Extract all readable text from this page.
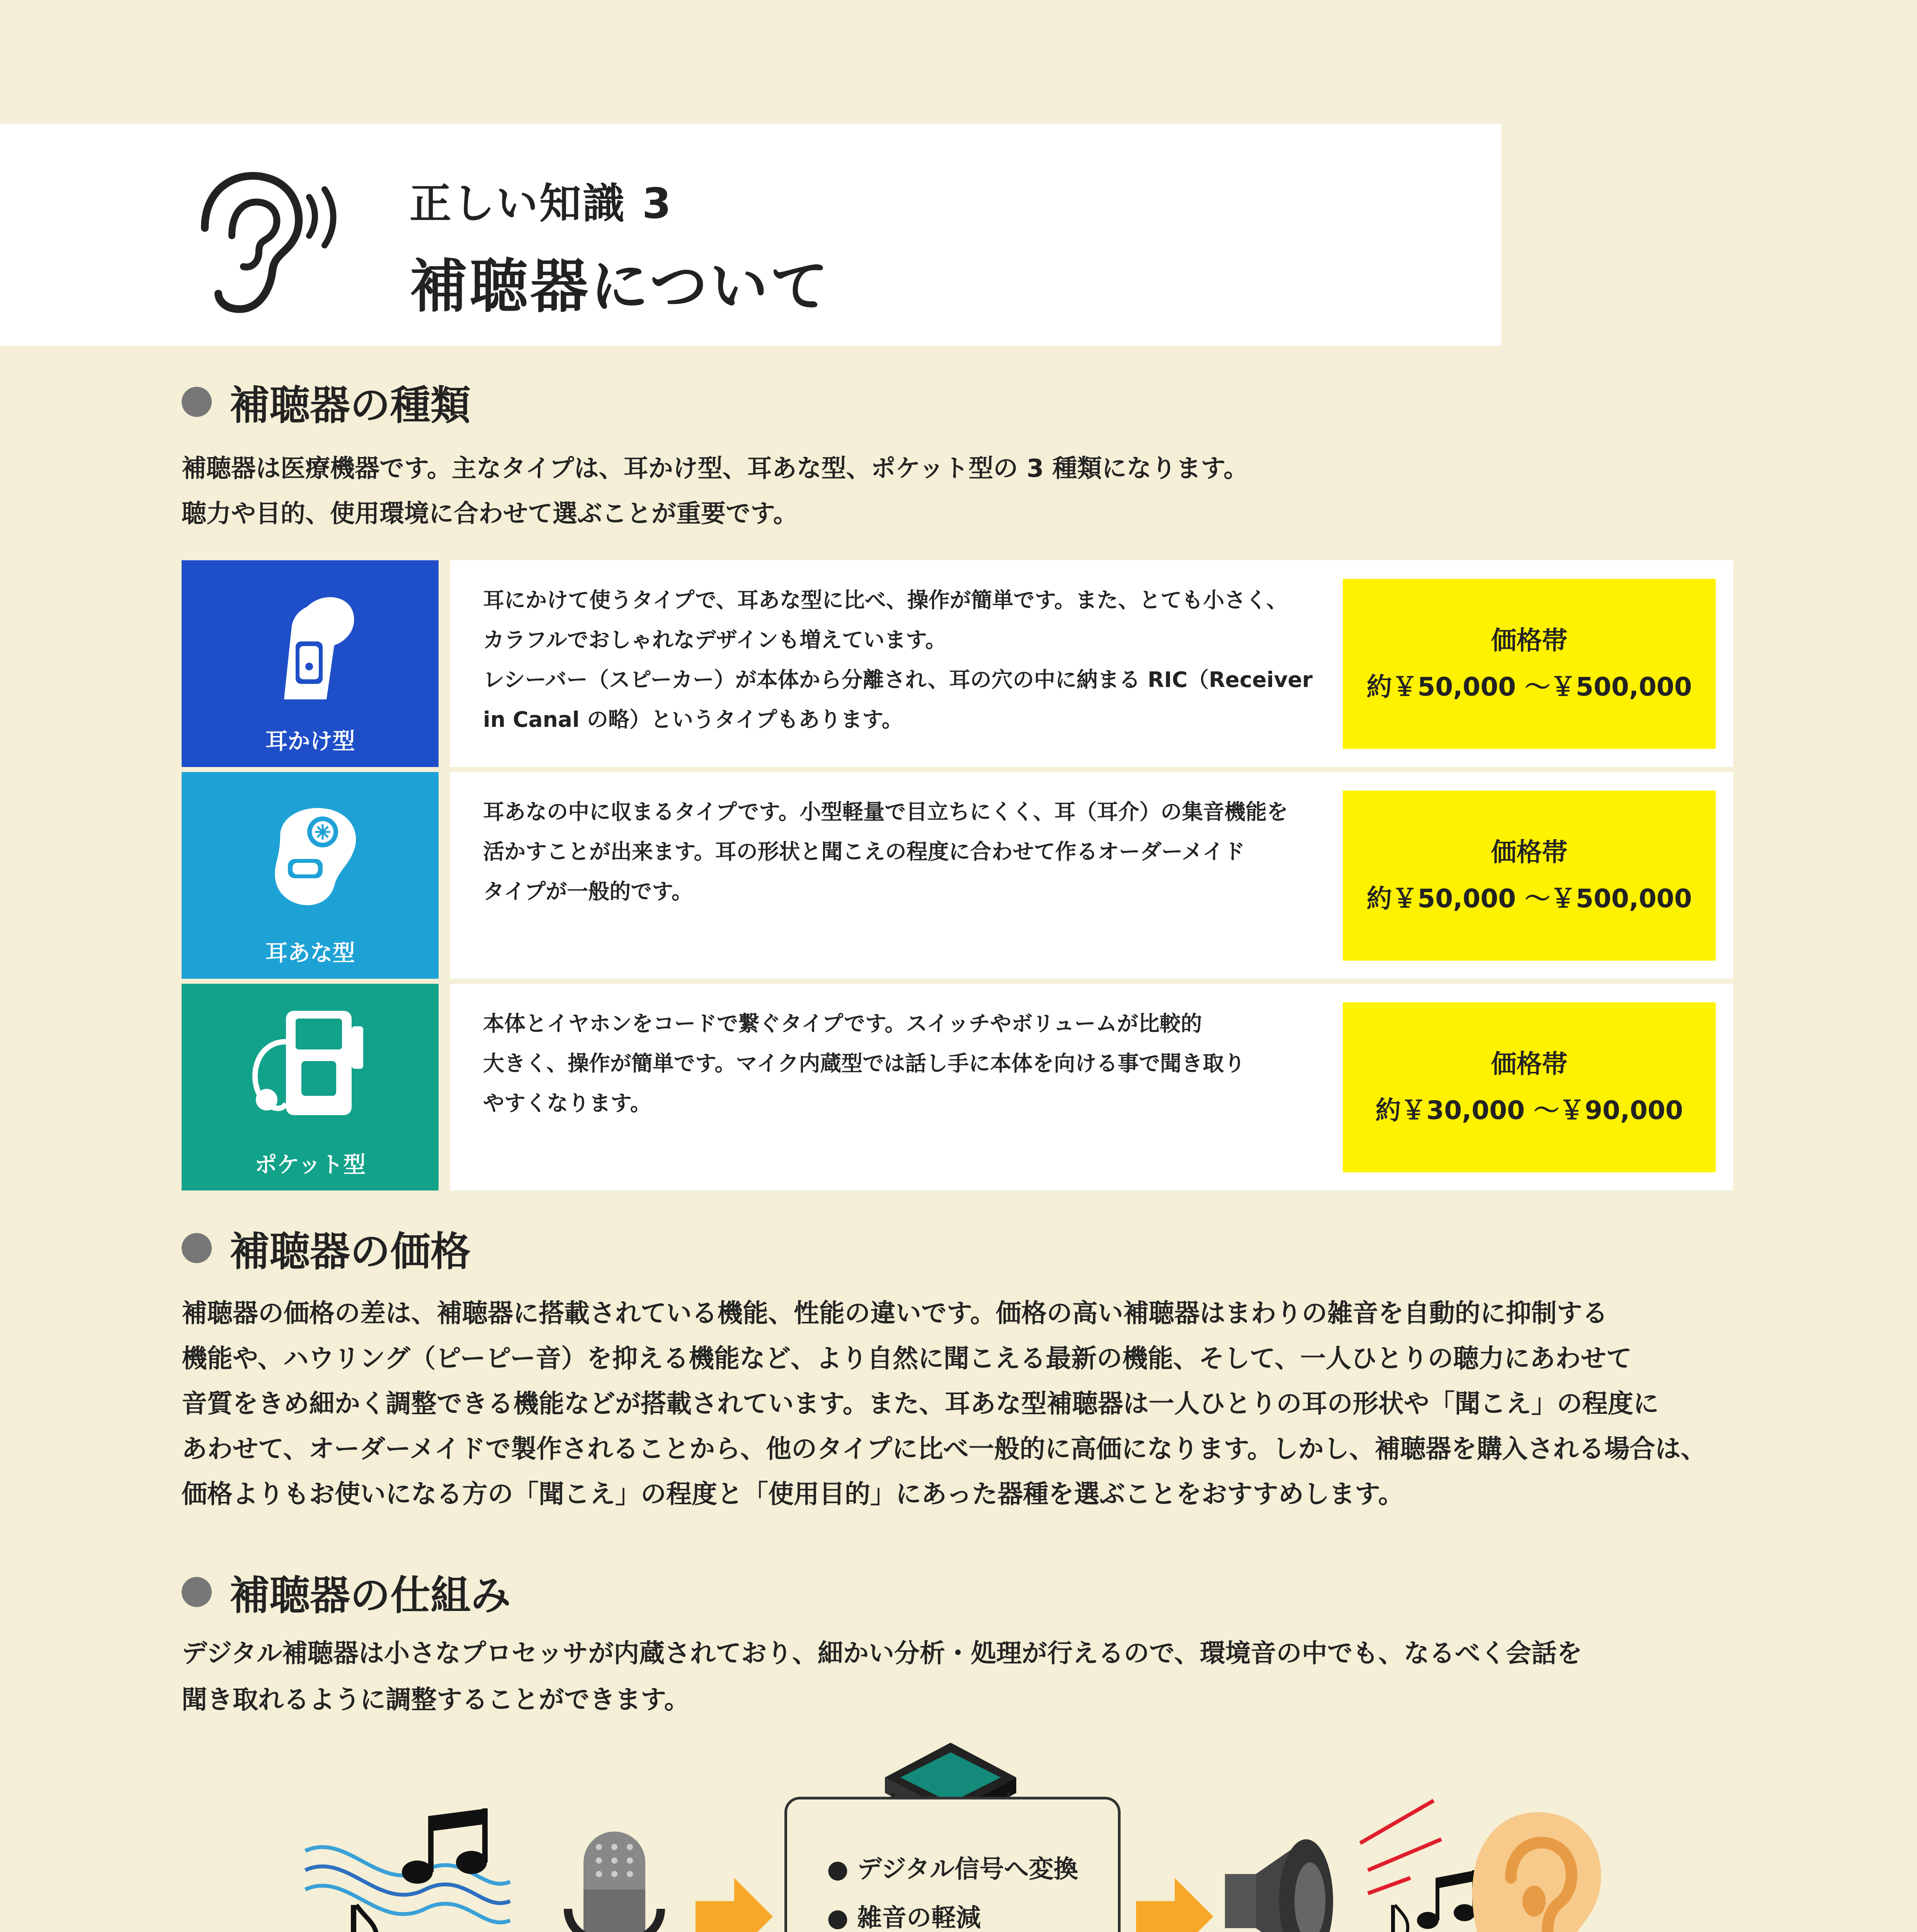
正しい知識 3
補聴器について
補聴器の種類
補聴器は医療機器です。主なタイプは、耳かけ型、耳あな型、ポケット型の 3 種類になります。
聴力や目的、使用環境に合わせて選ぶことが重要です。
耳かけ型
耳にかけて使うタイプで、耳あな型に比べ、操作が簡単です。また、とても小さく、
カラフルでおしゃれなデザインも増えています。
レシーバー（スピーカー）が本体から分離され、耳の穴の中に納まる RIC（Receiver
in Canal の略）というタイプもあります。
価格帯
約￥50,000 ～￥500,000
耳あな型
耳あなの中に収まるタイプです。小型軽量で目立ちにくく、耳（耳介）の集音機能を
活かすことが出来ます。耳の形状と聞こえの程度に合わせて作るオーダーメイド
タイプが一般的です。
価格帯
約￥50,000 ～￥500,000
ポケット型
本体とイヤホンをコードで繋ぐタイプです。スイッチやボリュームが比較的
大きく、操作が簡単です。マイク内蔵型では話し手に本体を向ける事で聞き取り
やすくなります。
価格帯
約￥30,000 ～￥90,000
補聴器の価格
補聴器の価格の差は、補聴器に搭載されている機能、性能の違いです。価格の高い補聴器はまわりの雑音を自動的に抑制する
機能や、ハウリング（ピーピー音）を抑える機能など、より自然に聞こえる最新の機能、そして、一人ひとりの聴力にあわせて
音質をきめ細かく調整できる機能などが搭載されています。また、耳あな型補聴器は一人ひとりの耳の形状や「聞こえ」の程度に
あわせて、オーダーメイドで製作されることから、他のタイプに比べ一般的に高価になります。しかし、補聴器を購入される場合は、
価格よりもお使いになる方の「聞こえ」の程度と「使用目的」にあった器種を選ぶことをおすすめします。
補聴器の仕組み
デジタル補聴器は小さなプロセッサが内蔵されており、細かい分析・処理が行えるので、環境音の中でも、なるべく会話を
聞き取れるように調整することができます。
● デジタル信号へ変換
● 雑音の軽減
